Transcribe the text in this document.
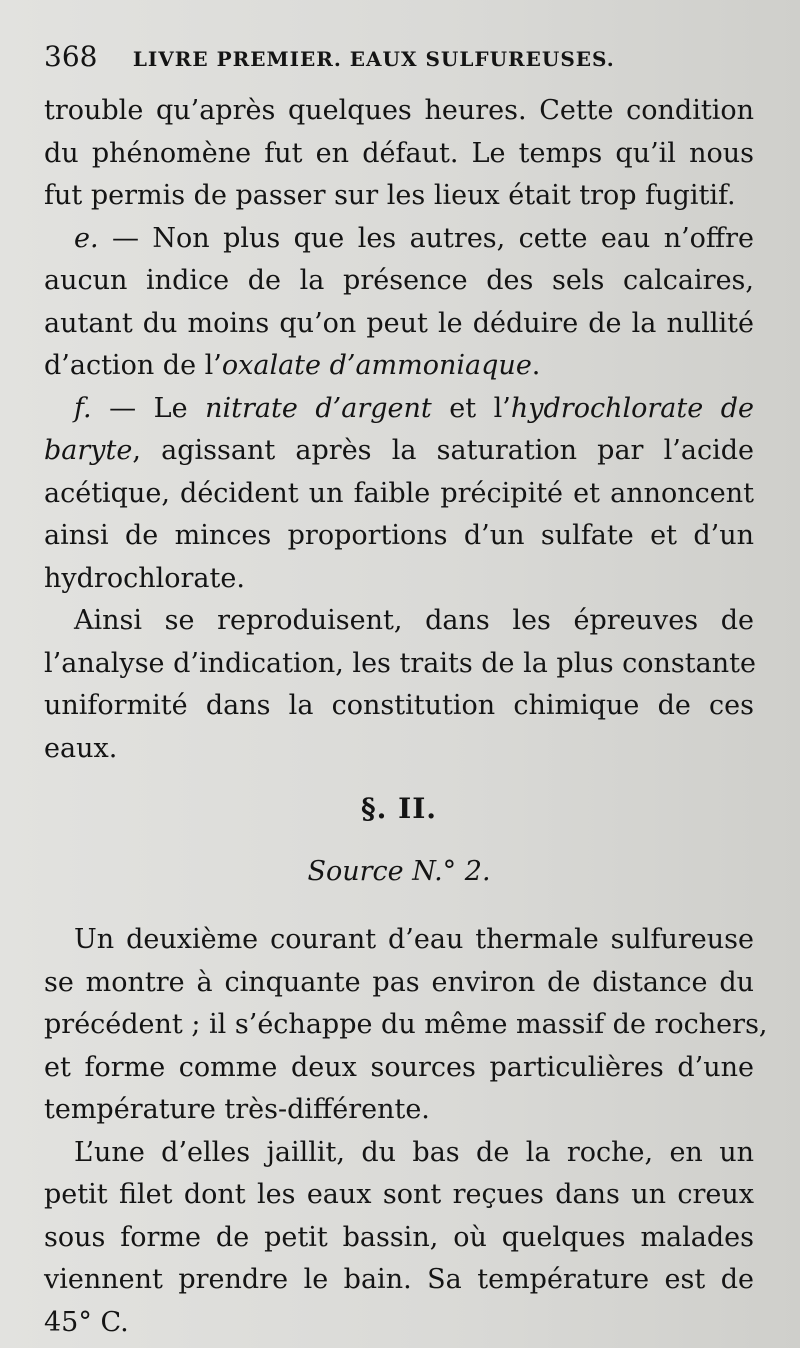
368 LIVRE PREMIER. EAUX SULFUREUSES.

trouble qu’après quelques heures. Cette condition
du phénomène fut en défaut. Le temps qu’il nous
fut permis de passer sur les lieux était trop fugitif.

e. — Non plus que les autres, cette eau n’offre
aucun indice de la présence des sels calcaires,
autant du moins qu’on peut le déduire de la nullité
d’action de l’oxalate d’ammoniaque.

f. — Le nitrate d’argent et l’hydrochlorate de
baryte, agissant après la saturation par l’acide
acétique, décident un faible précipité et annoncent
ainsi de minces proportions d’un sulfate et d’un
hydrochlorate.

Ainsi se reproduisent, dans les épreuves de
l’analyse d’indication, les traits de la plus constante
uniformité dans la constitution chimique de ces
eaux.

§. II.
Source N.° 2.

Un deuxième courant d’eau thermale sulfureuse
se montre à cinquante pas environ de distance du
précédent ; il s’échappe du même massif de rochers,
et forme comme deux sources particulières d’une
température très-différente.

L’une d’elles jaillit, du bas de la roche, en un
petit filet dont les eaux sont reçues dans un creux
sous forme de petit bassin, où quelques malades
viennent prendre le bain. Sa température est de
45° C.
